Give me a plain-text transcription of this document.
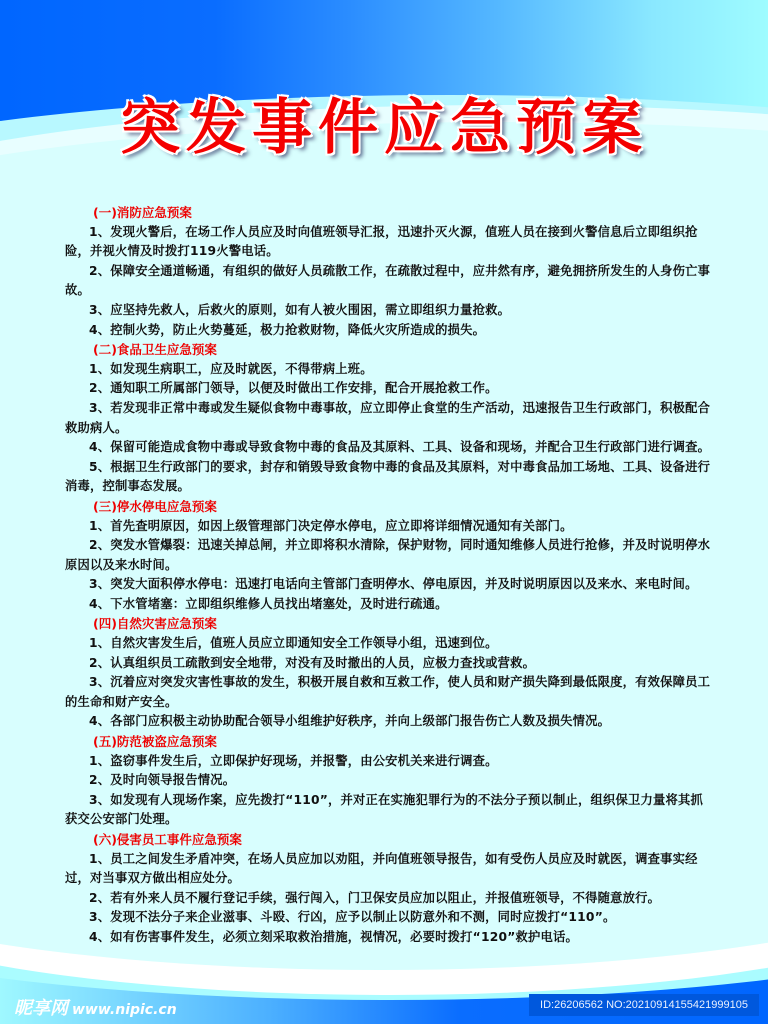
突发事件应急预案
(一)消防应急预案
1、发现火警后，在场工作人员应及时向值班领导汇报，迅速扑灭火源，值班人员在接到火警信息后立即组织抢险，并视火情及时拨打119火警电话。
2、保障安全通道畅通，有组织的做好人员疏散工作，在疏散过程中，应井然有序，避免拥挤所发生的人身伤亡事故。
3、应坚持先救人，后救火的原则，如有人被火围困，需立即组织力量抢救。
4、控制火势，防止火势蔓延，极力抢救财物，降低火灾所造成的损失。
(二)食品卫生应急预案
1、如发现生病职工，应及时就医，不得带病上班。
2、通知职工所属部门领导，以便及时做出工作安排，配合开展抢救工作。
3、若发现非正常中毒或发生疑似食物中毒事故，应立即停止食堂的生产活动，迅速报告卫生行政部门，积极配合救助病人。
4、保留可能造成食物中毒或导致食物中毒的食品及其原料、工具、设备和现场，并配合卫生行政部门进行调查。
5、根据卫生行政部门的要求，封存和销毁导致食物中毒的食品及其原料，对中毒食品加工场地、工具、设备进行消毒，控制事态发展。
(三)停水停电应急预案
1、首先查明原因，如因上级管理部门决定停水停电，应立即将详细情况通知有关部门。
2、突发水管爆裂：迅速关掉总闸，并立即将积水清除，保护财物，同时通知维修人员进行抢修，并及时说明停水原因以及来水时间。
3、突发大面积停水停电：迅速打电话向主管部门查明停水、停电原因，并及时说明原因以及来水、来电时间。
4、下水管堵塞：立即组织维修人员找出堵塞处，及时进行疏通。
(四)自然灾害应急预案
1、自然灾害发生后，值班人员应立即通知安全工作领导小组，迅速到位。
2、认真组织员工疏散到安全地带，对没有及时撤出的人员，应极力查找或营救。
3、沉着应对突发灾害性事故的发生，积极开展自救和互救工作，使人员和财产损失降到最低限度，有效保障员工的生命和财产安全。
4、各部门应积极主动协助配合领导小组维护好秩序，并向上级部门报告伤亡人数及损失情况。
(五)防范被盗应急预案
1、盗窃事件发生后，立即保护好现场，并报警，由公安机关来进行调查。
2、及时向领导报告情况。
3、如发现有人现场作案，应先拨打“110”，并对正在实施犯罪行为的不法分子预以制止，组织保卫力量将其抓获交公安部门处理。
(六)侵害员工事件应急预案
1、员工之间发生矛盾冲突，在场人员应加以劝阻，并向值班领导报告，如有受伤人员应及时就医，调查事实经过，对当事双方做出相应处分。
2、若有外来人员不履行登记手续，强行闯入，门卫保安员应加以阻止，并报值班领导，不得随意放行。
3、发现不法分子来企业滋事、斗殴、行凶，应予以制止以防意外和不测，同时应拨打“110”。
4、如有伤害事件发生，必须立刻采取救治措施，视情况，必要时拨打“120”救护电话。
昵享网 www.nipic.cn	ID:26206562 NO:20210914155421999105
